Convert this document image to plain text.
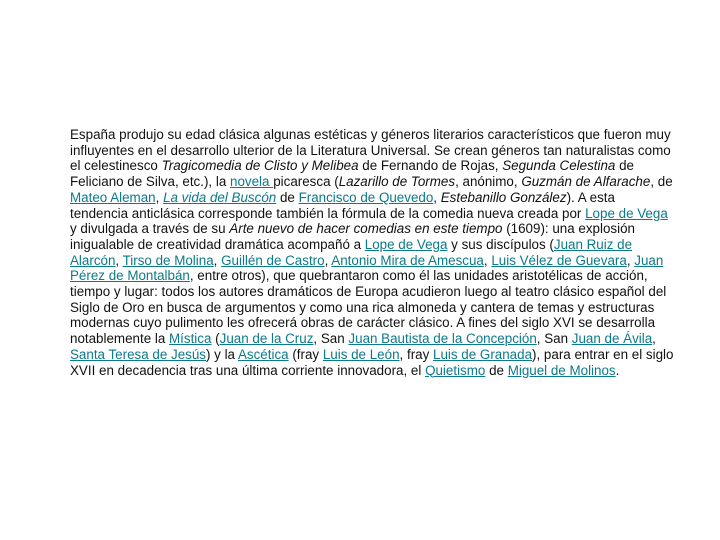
España produjo su edad clásica algunas estéticas y géneros literarios característicos que fueron muy influyentes en el desarrollo ulterior de la Literatura Universal. Se crean géneros tan naturalistas como el celestinesco Tragicomedia de Clisto y Melibea de Fernando de Rojas, Segunda Celestina de Feliciano de Silva, etc.), la novela picaresca (Lazarillo de Tormes, anónimo, Guzmán de Alfarache, de Mateo Aleman, La vida del Buscón de Francisco de Quevedo, Estebanillo González). A esta tendencia anticlásica corresponde también la fórmula de la comedia nueva creada por Lope de Vega y divulgada a través de su Arte nuevo de hacer comedias en este tiempo (1609): una explosión inigualable de creatividad dramática acompañó a Lope de Vega y sus discípulos (Juan Ruiz de Alarcón, Tirso de Molina, Guillén de Castro, Antonio Mira de Amescua, Luis Vélez de Guevara, Juan Pérez de Montalbán, entre otros), que quebrantaron como él las unidades aristotélicas de acción, tiempo y lugar: todos los autores dramáticos de Europa acudieron luego al teatro clásico español del Siglo de Oro en busca de argumentos y como una rica almoneda y cantera de temas y estructuras modernas cuyo pulimento les ofrecerá obras de carácter clásico. A fines del siglo XVI se desarrolla notablemente la Mística (Juan de la Cruz, San Juan Bautista de la Concepción, San Juan de Ávila, Santa Teresa de Jesús) y la Ascética (fray Luis de León, fray Luis de Granada), para entrar en el siglo XVII en decadencia tras una última corriente innovadora, el Quietismo de Miguel de Molinos.
